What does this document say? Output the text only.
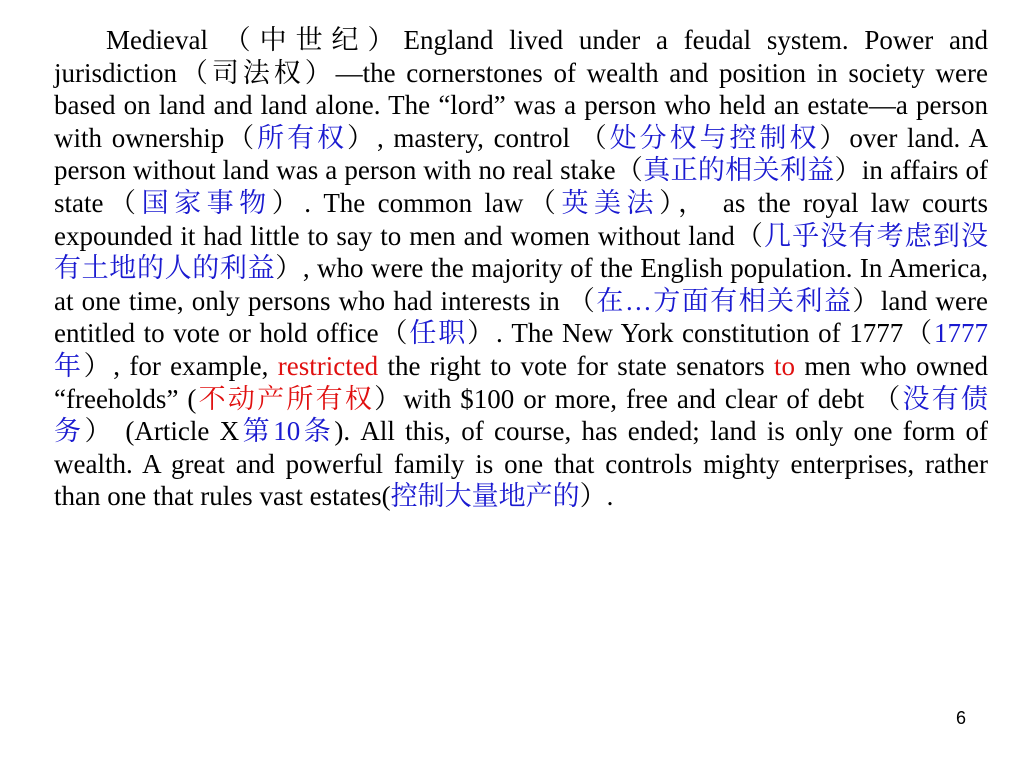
Medieval （中世纪）England lived under a feudal system. Power and jurisdiction（司法权）—the cornerstones of wealth and position in society were based on land and land alone. The “lord” was a person who held an estate—a person with ownership（所有权）, mastery, control （处分权与控制权）over land. A person without land was a person with no real stake（真正的相关利益）in affairs of state（国家事物）. The common law（英美法）， as the royal law courts expounded it had little to say to men and women without land（几乎没有考虑到没有土地的人的利益）, who were the majority of the English population. In America, at one time, only persons who had interests in （在…方面有相关利益）land were entitled to vote or hold office（任职）. The New York constitution of 1777（1777年）, for example, restricted the right to vote for state senators to men who owned “freeholds” (不动产所有权）with $100 or more, free and clear of debt （没有债务） (Article X第10条). All this, of course, has ended; land is only one form of wealth. A great and powerful family is one that controls mighty enterprises, rather than one that rules vast estates(控制大量地产的）.

6
